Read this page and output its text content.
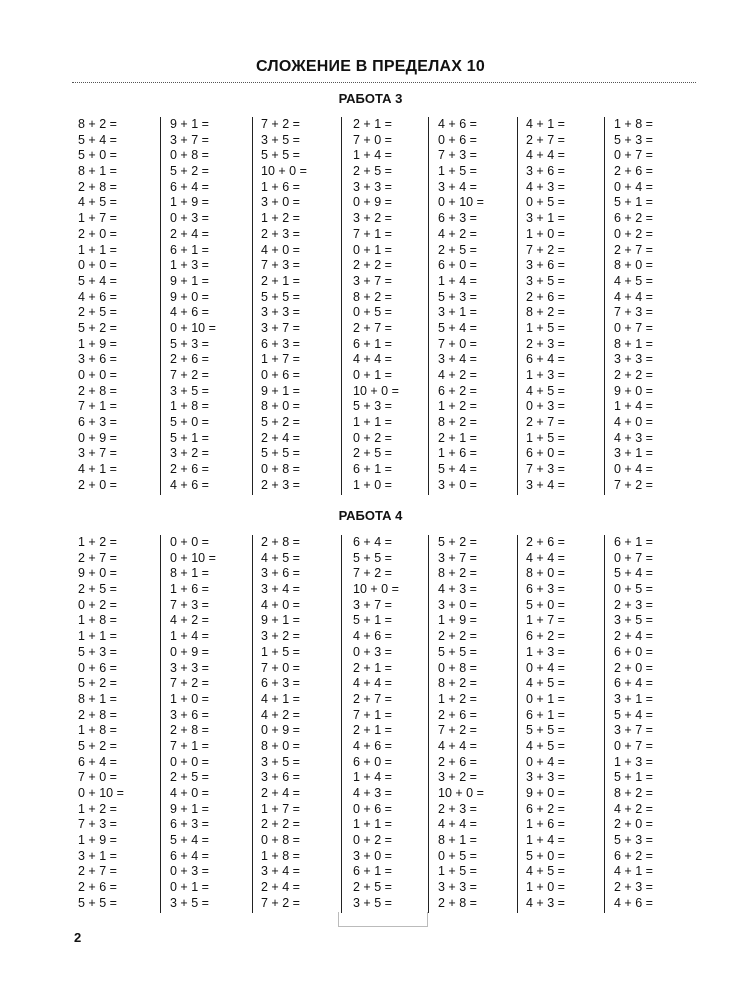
СЛОЖЕНИЕ В ПРЕДЕЛАХ 10
РАБОТА 3
8 + 2 =
5 + 4 =
5 + 0 =
8 + 1 =
2 + 8 =
4 + 5 =
1 + 7 =
2 + 0 =
1 + 1 =
0 + 0 =
5 + 4 =
4 + 6 =
2 + 5 =
5 + 2 =
1 + 9 =
3 + 6 =
0 + 0 =
2 + 8 =
7 + 1 =
6 + 3 =
0 + 9 =
3 + 7 =
4 + 1 =
2 + 0 =
9 + 1 =
3 + 7 =
0 + 8 =
5 + 2 =
6 + 4 =
1 + 9 =
0 + 3 =
2 + 4 =
6 + 1 =
1 + 3 =
9 + 1 =
9 + 0 =
4 + 6 =
0 + 10 =
5 + 3 =
2 + 6 =
7 + 2 =
3 + 5 =
1 + 8 =
5 + 0 =
5 + 1 =
3 + 2 =
2 + 6 =
4 + 6 =
7 + 2 =
3 + 5 =
5 + 5 =
10 + 0 =
1 + 6 =
3 + 0 =
1 + 2 =
2 + 3 =
4 + 0 =
7 + 3 =
2 + 1 =
5 + 5 =
3 + 3 =
3 + 7 =
6 + 3 =
1 + 7 =
0 + 6 =
9 + 1 =
8 + 0 =
5 + 2 =
2 + 4 =
5 + 5 =
0 + 8 =
2 + 3 =
2 + 1 =
7 + 0 =
1 + 4 =
2 + 5 =
3 + 3 =
0 + 9 =
3 + 2 =
7 + 1 =
0 + 1 =
2 + 2 =
3 + 7 =
8 + 2 =
0 + 5 =
2 + 7 =
6 + 1 =
4 + 4 =
0 + 1 =
10 + 0 =
5 + 3 =
1 + 1 =
0 + 2 =
2 + 5 =
6 + 1 =
1 + 0 =
4 + 6 =
0 + 6 =
7 + 3 =
1 + 5 =
3 + 4 =
0 + 10 =
6 + 3 =
4 + 2 =
2 + 5 =
6 + 0 =
1 + 4 =
5 + 3 =
3 + 1 =
5 + 4 =
7 + 0 =
3 + 4 =
4 + 2 =
6 + 2 =
1 + 2 =
8 + 2 =
2 + 1 =
1 + 6 =
5 + 4 =
3 + 0 =
4 + 1 =
2 + 7 =
4 + 4 =
3 + 6 =
4 + 3 =
0 + 5 =
3 + 1 =
1 + 0 =
7 + 2 =
3 + 6 =
3 + 5 =
2 + 6 =
8 + 2 =
1 + 5 =
2 + 3 =
6 + 4 =
1 + 3 =
4 + 5 =
0 + 3 =
2 + 7 =
1 + 5 =
6 + 0 =
7 + 3 =
3 + 4 =
1 + 8 =
5 + 3 =
0 + 7 =
2 + 6 =
0 + 4 =
5 + 1 =
6 + 2 =
0 + 2 =
2 + 7 =
8 + 0 =
4 + 5 =
4 + 4 =
7 + 3 =
0 + 7 =
8 + 1 =
3 + 3 =
2 + 2 =
9 + 0 =
1 + 4 =
4 + 0 =
4 + 3 =
3 + 1 =
0 + 4 =
7 + 2 =
РАБОТА 4
1 + 2 =
2 + 7 =
9 + 0 =
2 + 5 =
0 + 2 =
1 + 8 =
1 + 1 =
5 + 3 =
0 + 6 =
5 + 2 =
8 + 1 =
2 + 8 =
1 + 8 =
5 + 2 =
6 + 4 =
7 + 0 =
0 + 10 =
1 + 2 =
7 + 3 =
1 + 9 =
3 + 1 =
2 + 7 =
2 + 6 =
5 + 5 =
0 + 0 =
0 + 10 =
8 + 1 =
1 + 6 =
7 + 3 =
4 + 2 =
1 + 4 =
0 + 9 =
3 + 3 =
7 + 2 =
1 + 0 =
3 + 6 =
2 + 8 =
7 + 1 =
0 + 0 =
2 + 5 =
4 + 0 =
9 + 1 =
6 + 3 =
5 + 4 =
6 + 4 =
0 + 3 =
0 + 1 =
3 + 5 =
2 + 8 =
4 + 5 =
3 + 6 =
3 + 4 =
4 + 0 =
9 + 1 =
3 + 2 =
1 + 5 =
7 + 0 =
6 + 3 =
4 + 1 =
4 + 2 =
0 + 9 =
8 + 0 =
3 + 5 =
3 + 6 =
2 + 4 =
1 + 7 =
2 + 2 =
0 + 8 =
1 + 8 =
3 + 4 =
2 + 4 =
7 + 2 =
6 + 4 =
5 + 5 =
7 + 2 =
10 + 0 =
3 + 7 =
5 + 1 =
4 + 6 =
0 + 3 =
2 + 1 =
4 + 4 =
2 + 7 =
7 + 1 =
2 + 1 =
4 + 6 =
6 + 0 =
1 + 4 =
4 + 3 =
0 + 6 =
1 + 1 =
0 + 2 =
3 + 0 =
6 + 1 =
2 + 5 =
3 + 5 =
5 + 2 =
3 + 7 =
8 + 2 =
4 + 3 =
3 + 0 =
1 + 9 =
2 + 2 =
5 + 5 =
0 + 8 =
8 + 2 =
1 + 2 =
2 + 6 =
7 + 2 =
4 + 4 =
2 + 6 =
3 + 2 =
10 + 0 =
2 + 3 =
4 + 4 =
8 + 1 =
0 + 5 =
1 + 5 =
3 + 3 =
2 + 8 =
2 + 6 =
4 + 4 =
8 + 0 =
6 + 3 =
5 + 0 =
1 + 7 =
6 + 2 =
1 + 3 =
0 + 4 =
4 + 5 =
0 + 1 =
6 + 1 =
5 + 5 =
4 + 5 =
0 + 4 =
3 + 3 =
9 + 0 =
6 + 2 =
1 + 6 =
1 + 4 =
5 + 0 =
4 + 5 =
1 + 0 =
4 + 3 =
6 + 1 =
0 + 7 =
5 + 4 =
0 + 5 =
2 + 3 =
3 + 5 =
2 + 4 =
6 + 0 =
2 + 0 =
6 + 4 =
3 + 1 =
5 + 4 =
3 + 7 =
0 + 7 =
1 + 3 =
5 + 1 =
8 + 2 =
4 + 2 =
2 + 0 =
5 + 3 =
6 + 2 =
4 + 1 =
2 + 3 =
4 + 6 =
2
